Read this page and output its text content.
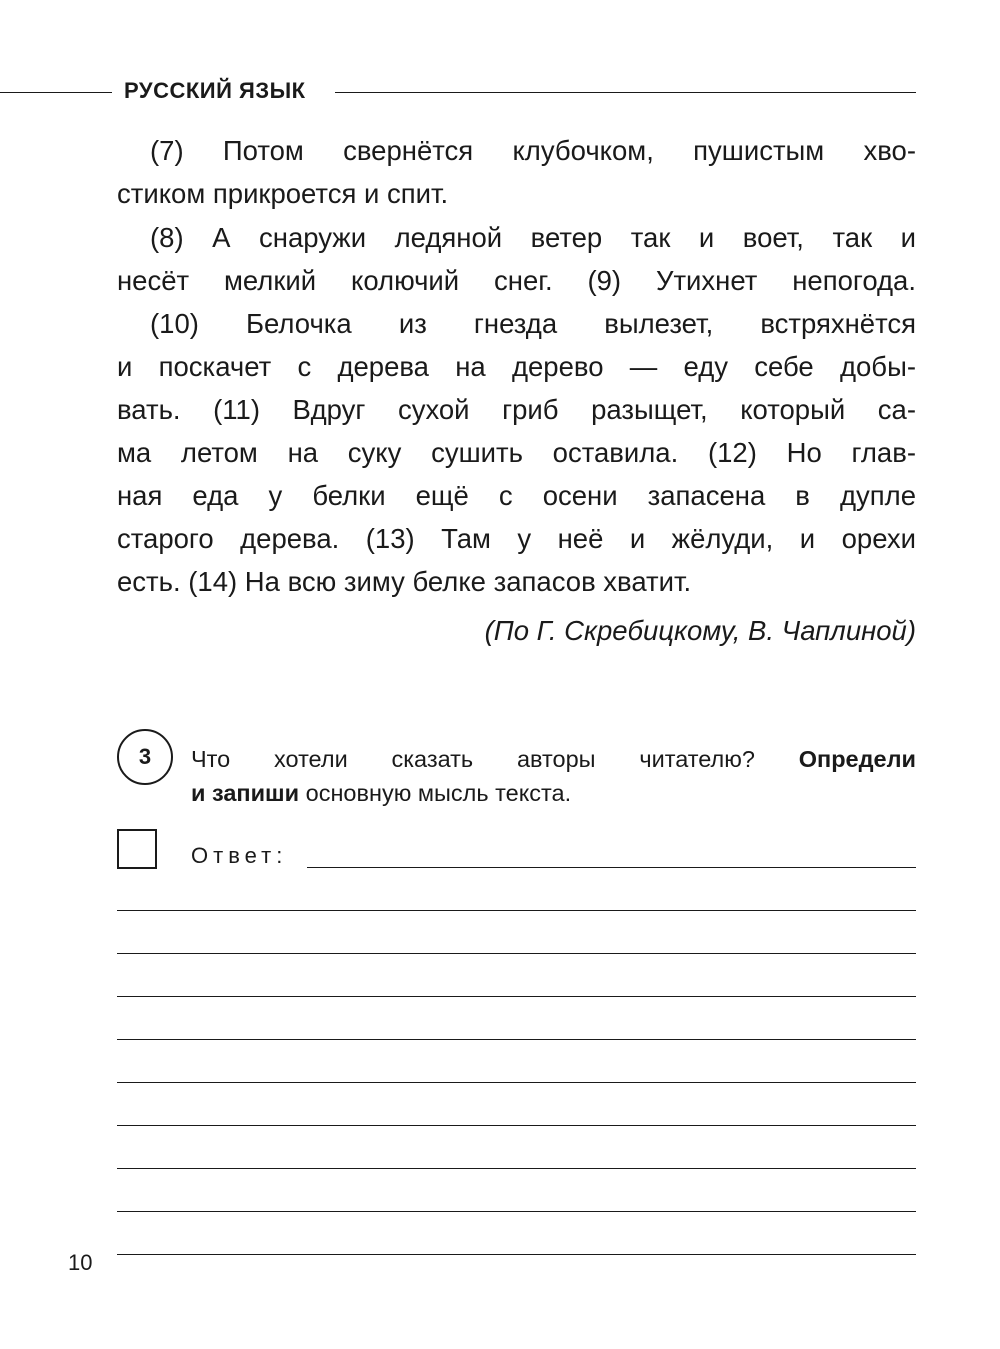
РУССКИЙ ЯЗЫК
(7) Потом свернётся клубочком, пушистым хво-
стиком прикроется и спит.
(8) А снаружи ледяной ветер так и воет, так и
несёт мелкий колючий снег. (9) Утихнет непогода.
(10) Белочка из гнезда вылезет, встряхнётся
и поскачет с дерева на дерево — еду себе добы-
вать. (11) Вдруг сухой гриб разыщет, который са-
ма летом на суку сушить оставила. (12) Но глав-
ная еда у белки ещё с осени запасена в дупле
старого дерева. (13) Там у неё и жёлуди, и орехи
есть. (14) На всю зиму белке запасов хватит.
(По Г. Скребицкому, В. Чаплиной)
3 Что хотели сказать авторы читателю? Определи
и запиши основную мысль текста.
Ответ:
10
